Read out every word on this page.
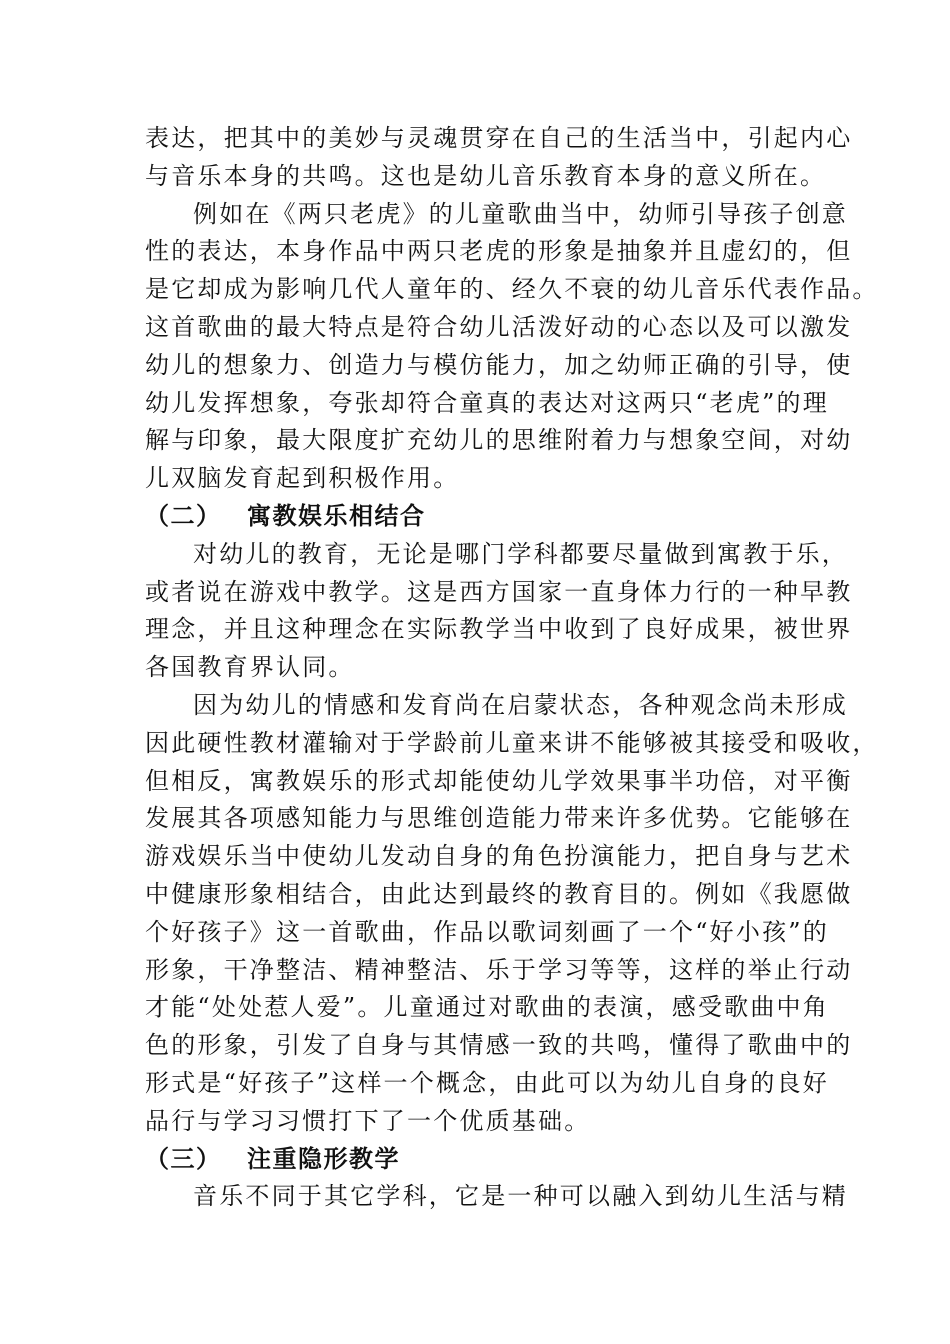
表达，把其中的美妙与灵魂贯穿在自己的生活当中，引起内心
与音乐本身的共鸣。这也是幼儿音乐教育本身的意义所在。
例如在《两只老虎》的儿童歌曲当中，幼师引导孩子创意
性的表达，本身作品中两只老虎的形象是抽象并且虚幻的，但
是它却成为影响几代人童年的、经久不衰的幼儿音乐代表作品。
这首歌曲的最大特点是符合幼儿活泼好动的心态以及可以激发
幼儿的想象力、创造力与模仿能力，加之幼师正确的引导，使
幼儿发挥想象，夸张却符合童真的表达对这两只“老虎”的理
解与印象，最大限度扩充幼儿的思维附着力与想象空间，对幼
儿双脑发育起到积极作用。
（二） 寓教娱乐相结合
对幼儿的教育，无论是哪门学科都要尽量做到寓教于乐，
或者说在游戏中教学。这是西方国家一直身体力行的一种早教
理念，并且这种理念在实际教学当中收到了良好成果，被世界
各国教育界认同。
因为幼儿的情感和发育尚在启蒙状态，各种观念尚未形成
因此硬性教材灌输对于学龄前儿童来讲不能够被其接受和吸收，
但相反，寓教娱乐的形式却能使幼儿学效果事半功倍，对平衡
发展其各项感知能力与思维创造能力带来许多优势。它能够在
游戏娱乐当中使幼儿发动自身的角色扮演能力，把自身与艺术
中健康形象相结合，由此达到最终的教育目的。例如《我愿做
个好孩子》这一首歌曲，作品以歌词刻画了一个“好小孩”的
形象，干净整洁、精神整洁、乐于学习等等，这样的举止行动
才能“处处惹人爱”。儿童通过对歌曲的表演，感受歌曲中角
色的形象，引发了自身与其情感一致的共鸣，懂得了歌曲中的
形式是“好孩子”这样一个概念，由此可以为幼儿自身的良好
品行与学习习惯打下了一个优质基础。
（三） 注重隐形教学
音乐不同于其它学科，它是一种可以融入到幼儿生活与精
